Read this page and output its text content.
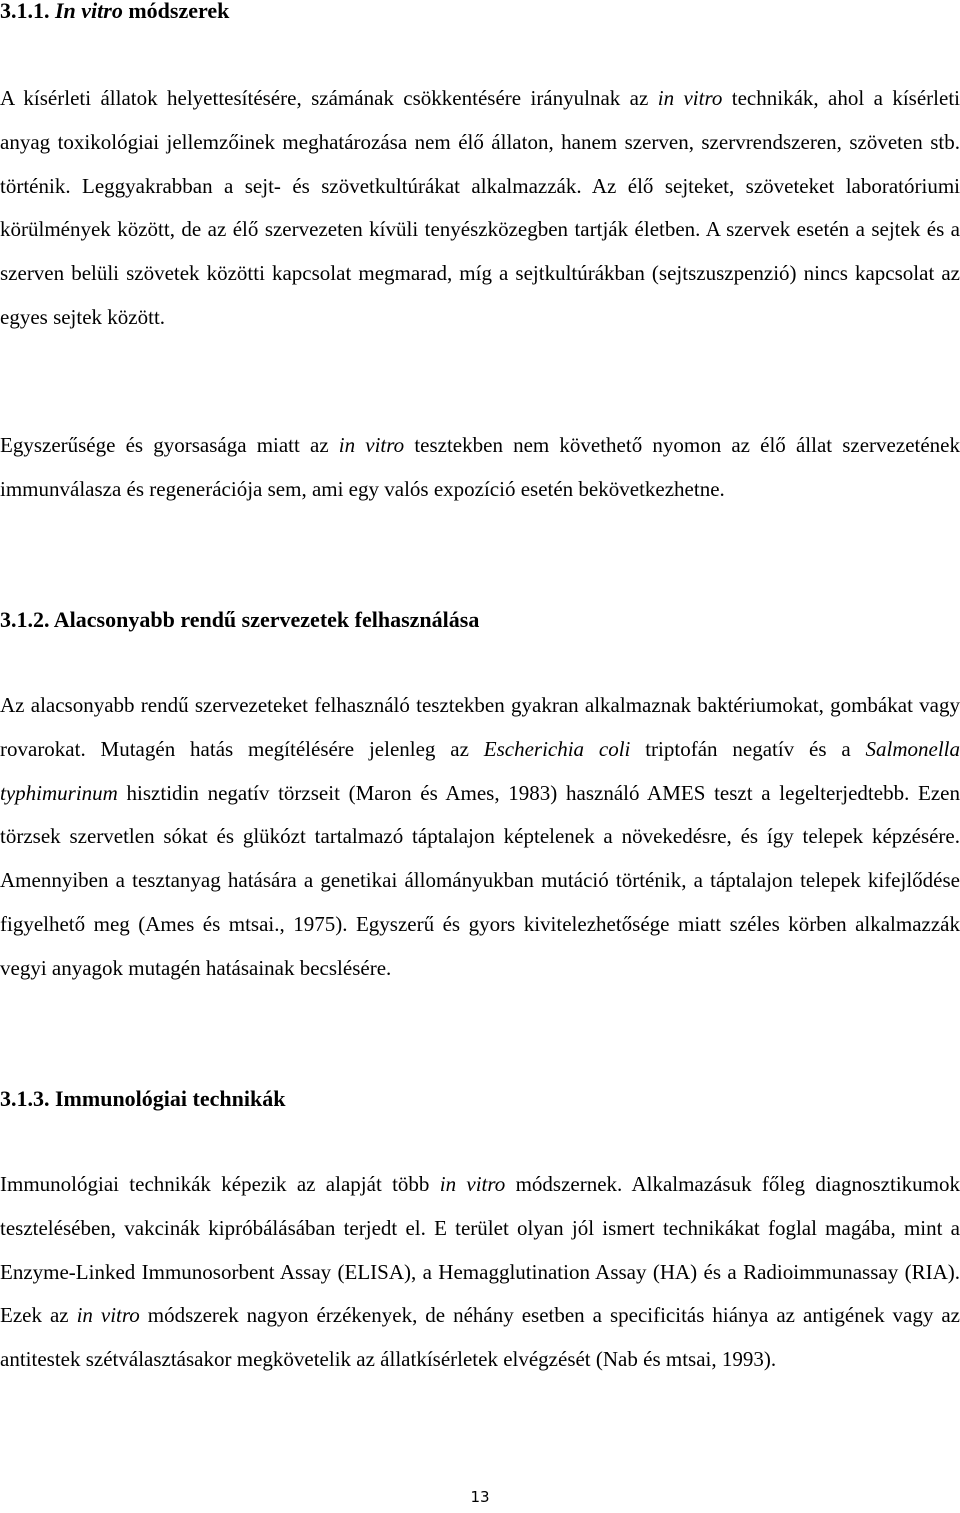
3.1.1. In vitro módszerek

A kísérleti állatok helyettesítésére, számának csökkentésére irányulnak az in vitro technikák, ahol a kísérleti anyag toxikológiai jellemzőinek meghatározása nem élő állaton, hanem szerven, szervrendszeren, szöveten stb. történik. Leggyakrabban a sejt- és szövetkultúrákat alkalmazzák. Az élő sejteket, szöveteket laboratóriumi körülmények között, de az élő szervezeten kívüli tenyészközegben tartják életben. A szervek esetén a sejtek és a szerven belüli szövetek közötti kapcsolat megmarad, míg a sejtkultúrákban (sejtszuszpenzió) nincs kapcsolat az egyes sejtek között.

Egyszerűsége és gyorsasága miatt az in vitro tesztekben nem követhető nyomon az élő állat szervezetének immunválasza és regenerációja sem, ami egy valós expozíció esetén bekövetkezhetne.

3.1.2. Alacsonyabb rendű szervezetek felhasználása

Az alacsonyabb rendű szervezeteket felhasználó tesztekben gyakran alkalmaznak baktériumokat, gombákat vagy rovarokat. Mutagén hatás megítélésére jelenleg az Escherichia coli triptofán negatív és a Salmonella typhimurinum hisztidin negatív törzseit (Maron és Ames, 1983) használó AMES teszt a legelterjedtebb. Ezen törzsek szervetlen sókat és glükózt tartalmazó táptalajon képtelenek a növekedésre, és így telepek képzésére. Amennyiben a tesztanyag hatására a genetikai állományukban mutáció történik, a táptalajon telepek kifejlődése figyelhető meg (Ames és mtsai., 1975). Egyszerű és gyors kivitelezhetősége miatt széles körben alkalmazzák vegyi anyagok mutagén hatásainak becslésére.

3.1.3. Immunológiai technikák

Immunológiai technikák képezik az alapját több in vitro módszernek. Alkalmazásuk főleg diagnosztikumok tesztelésében, vakcinák kipróbálásában terjedt el. E terület olyan jól ismert technikákat foglal magába, mint a Enzyme-Linked Immunosorbent Assay (ELISA), a Hemagglutination Assay (HA) és a Radioimmunassay (RIA). Ezek az in vitro módszerek nagyon érzékenyek, de néhány esetben a specificitás hiánya az antigének vagy az antitestek szétválasztásakor megkövetelik az állatkísérletek elvégzését (Nab és mtsai, 1993).

13
